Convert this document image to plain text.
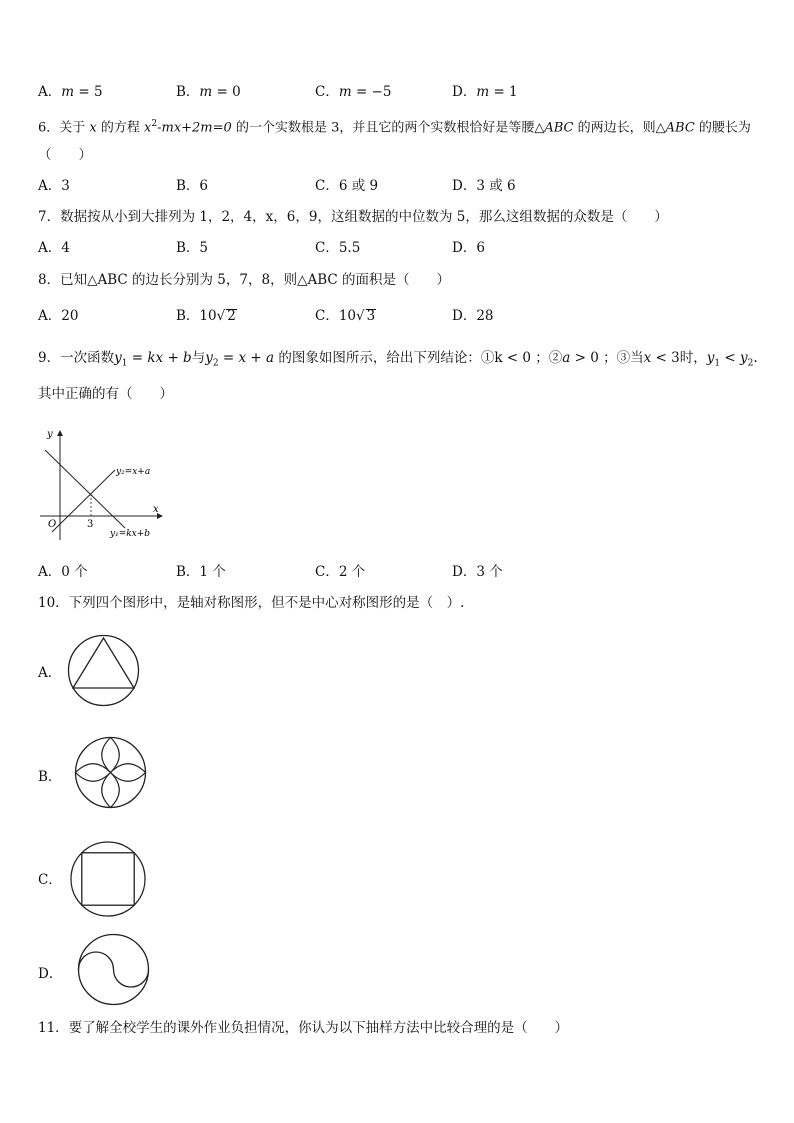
A．m = 5	B．m = 0	C．m = −5	D．m = 1
6．关于 x 的方程 $x^2-mx+2m=0$ 的一个实数根是 3，并且它的两个实数根恰好是等腰△ABC 的两边长，则△ABC 的腰长为
（　　）
A．3	B．6	C．6 或 9	D．3 或 6
7．数据按从小到大排列为 1，2，4，x，6，9，这组数据的中位数为 5，那么这组数据的众数是（　　）
A．4	B．5	C．5.5	D．6
8．已知△ABC 的边长分别为 5，7，8，则△ABC 的面积是（　　）
A．20	B．10√ 2	C．10√ 3	D．28
9．一次函数$y_1$ = kx + b与$y_2 = x + a$ 的图象如图所示，给出下列结论：①k < 0 ；②a > 0 ；③当x < 3时，$y_1 < y_2$.
其中正确的有（　　）
y
x
O	3
y₂=x+a
y₁=kx+b
A．0 个	B．1 个	C．2 个	D．3 个
10．下列四个图形中，是轴对称图形，但不是中心对称图形的是（　）.
A．
B．
C．
D．
11．要了解全校学生的课外作业负担情况，你认为以下抽样方法中比较合理的是（　　）
